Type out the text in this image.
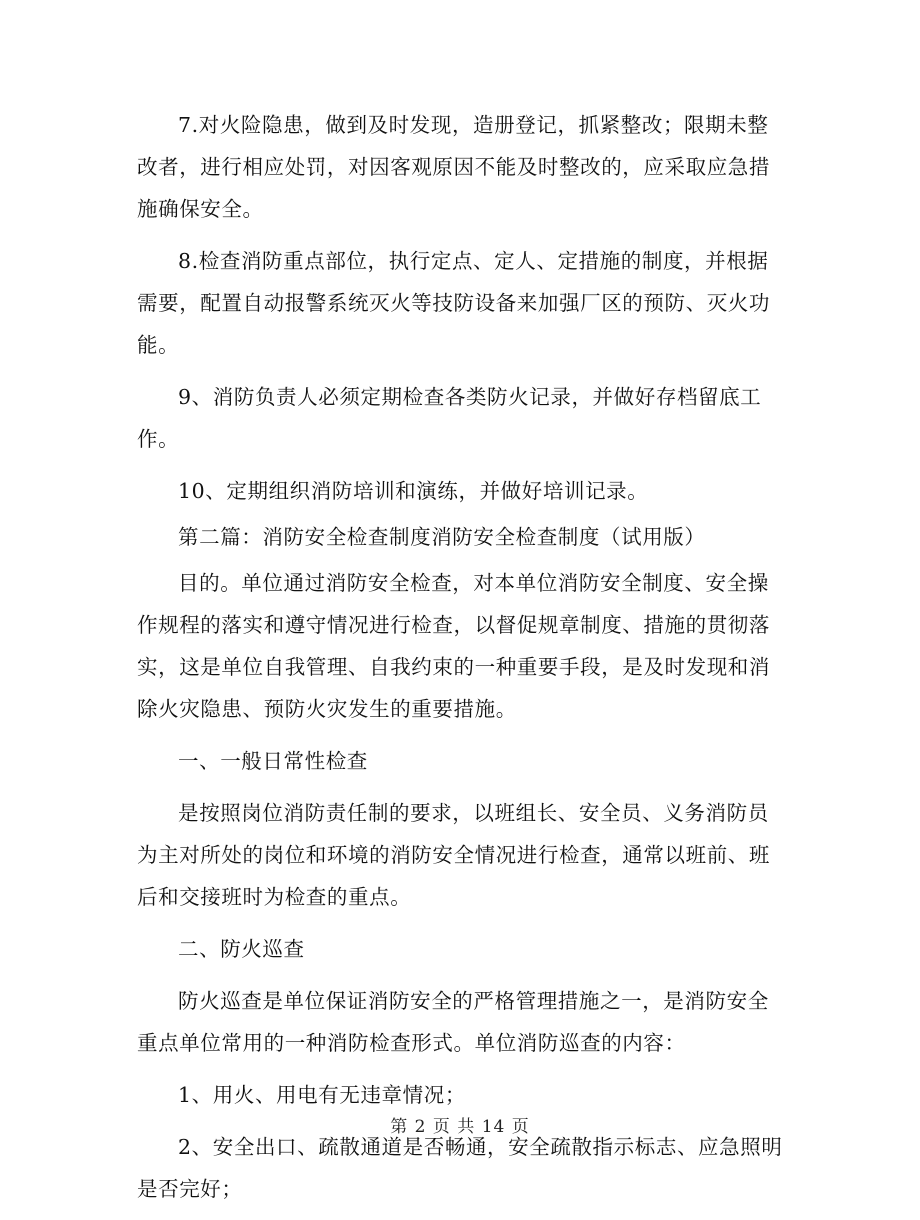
7.对火险隐患，做到及时发现，造册登记，抓紧整改；限期未整改者，进行相应处罚，对因客观原因不能及时整改的，应采取应急措施确保安全。

8.检查消防重点部位，执行定点、定人、定措施的制度，并根据需要，配置自动报警系统灭火等技防设备来加强厂区的预防、灭火功能。

9、消防负责人必须定期检查各类防火记录，并做好存档留底工作。

10、定期组织消防培训和演练，并做好培训记录。

第二篇：消防安全检查制度消防安全检查制度（试用版）

目的。单位通过消防安全检查，对本单位消防安全制度、安全操作规程的落实和遵守情况进行检查，以督促规章制度、措施的贯彻落实，这是单位自我管理、自我约束的一种重要手段，是及时发现和消除火灾隐患、预防火灾发生的重要措施。

一、一般日常性检查

是按照岗位消防责任制的要求，以班组长、安全员、义务消防员为主对所处的岗位和环境的消防安全情况进行检查，通常以班前、班后和交接班时为检查的重点。

二、防火巡查

防火巡查是单位保证消防安全的严格管理措施之一，是消防安全重点单位常用的一种消防检查形式。单位消防巡查的内容：

1、用火、用电有无违章情况；

2、安全出口、疏散通道是否畅通，安全疏散指示标志、应急照明是否完好；

第 2 页 共 14 页
